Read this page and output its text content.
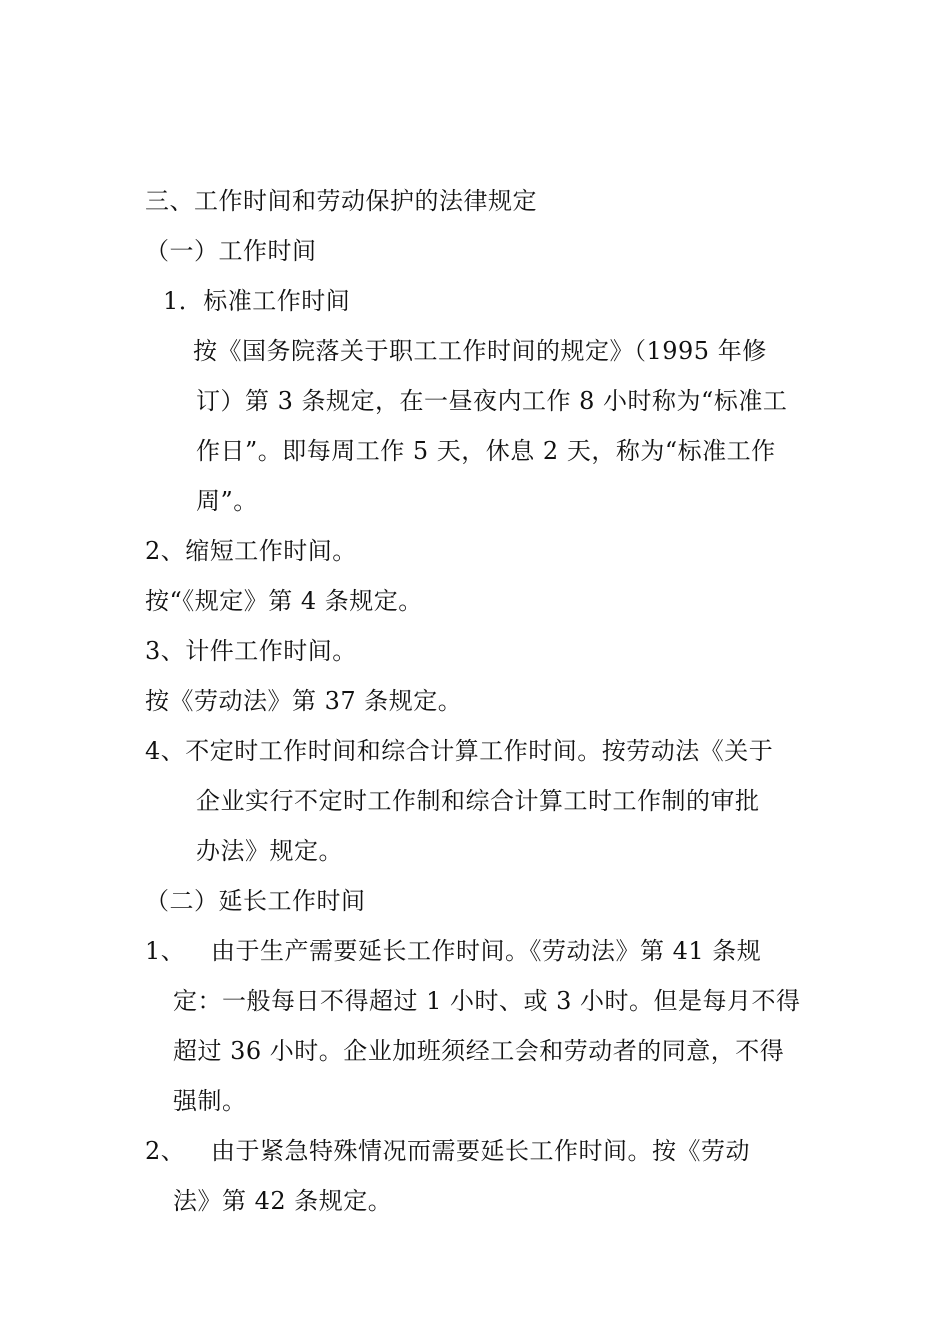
三、工作时间和劳动保护的法律规定
（一）工作时间
1．标准工作时间
按《国务院落关于职工工作时间的规定》（1995 年修
订）第 3 条规定，在一昼夜内工作 8 小时称为“标准工
作日”。即每周工作 5 天，休息 2 天，称为“标准工作
周”。
2、缩短工作时间。
按“《规定》第 4 条规定。
3、计件工作时间。
按《劳动法》第 37 条规定。
4、不定时工作时间和综合计算工作时间。按劳动法《关于
企业实行不定时工作制和综合计算工时工作制的审批
办法》规定。
（二）延长工作时间
1、 由于生产需要延长工作时间。《劳动法》第 41 条规
定：一般每日不得超过 1 小时、或 3 小时。但是每月不得
超过 36 小时。企业加班须经工会和劳动者的同意，不得
强制。
2、 由于紧急特殊情况而需要延长工作时间。按《劳动
法》第 42 条规定。
